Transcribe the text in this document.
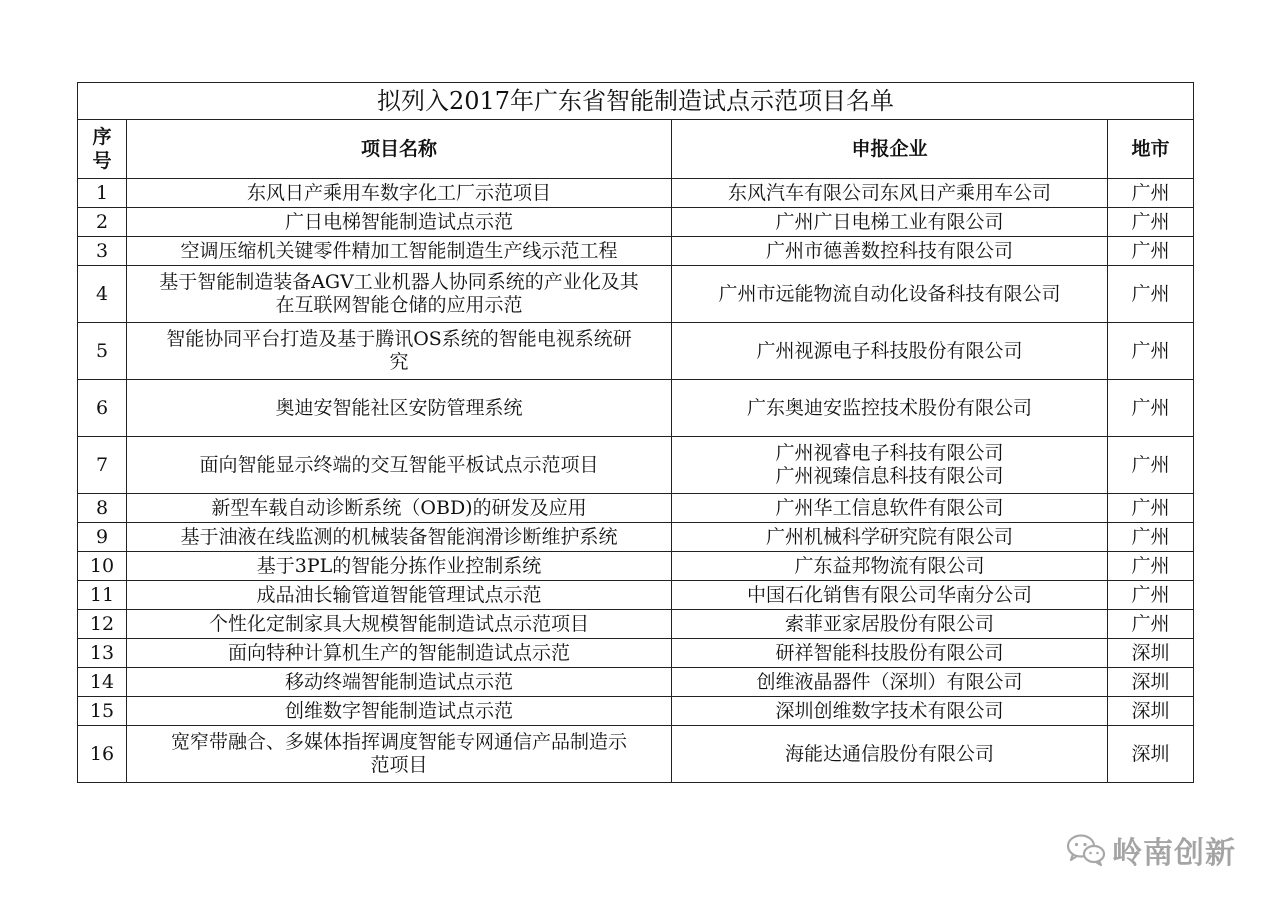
拟列入2017年广东省智能制造试点示范项目名单			

序
号	项目名称	申报企业	地市
1	东风日产乘用车数字化工厂示范项目	东风汽车有限公司东风日产乘用车公司	广州
2	广日电梯智能制造试点示范	广州广日电梯工业有限公司	广州
3	空调压缩机关键零件精加工智能制造生产线示范工程	广州市德善数控科技有限公司	广州
4	基于智能制造装备AGV工业机器人协同系统的产业化及其
在互联网智能仓储的应用示范	广州市远能物流自动化设备科技有限公司	广州
5	智能协同平台打造及基于腾讯OS系统的智能电视系统研
究	广州视源电子科技股份有限公司	广州
6	奥迪安智能社区安防管理系统	广东奥迪安监控技术股份有限公司	广州
7	面向智能显示终端的交互智能平板试点示范项目	广州视睿电子科技有限公司
广州视臻信息科技有限公司	广州
8	新型车载自动诊断系统（OBD)的研发及应用	广州华工信息软件有限公司	广州
9	基于油液在线监测的机械装备智能润滑诊断维护系统	广州机械科学研究院有限公司	广州
10	基于3PL的智能分拣作业控制系统	广东益邦物流有限公司	广州
11	成品油长输管道智能管理试点示范	中国石化销售有限公司华南分公司	广州
12	个性化定制家具大规模智能制造试点示范项目	索菲亚家居股份有限公司	广州
13	面向特种计算机生产的智能制造试点示范	研祥智能科技股份有限公司	深圳
14	移动终端智能制造试点示范	创维液晶器件（深圳）有限公司	深圳
15	创维数字智能制造试点示范	深圳创维数字技术有限公司	深圳
16	宽窄带融合、多媒体指挥调度智能专网通信产品制造示
范项目	海能达通信股份有限公司	深圳
岭南创新
